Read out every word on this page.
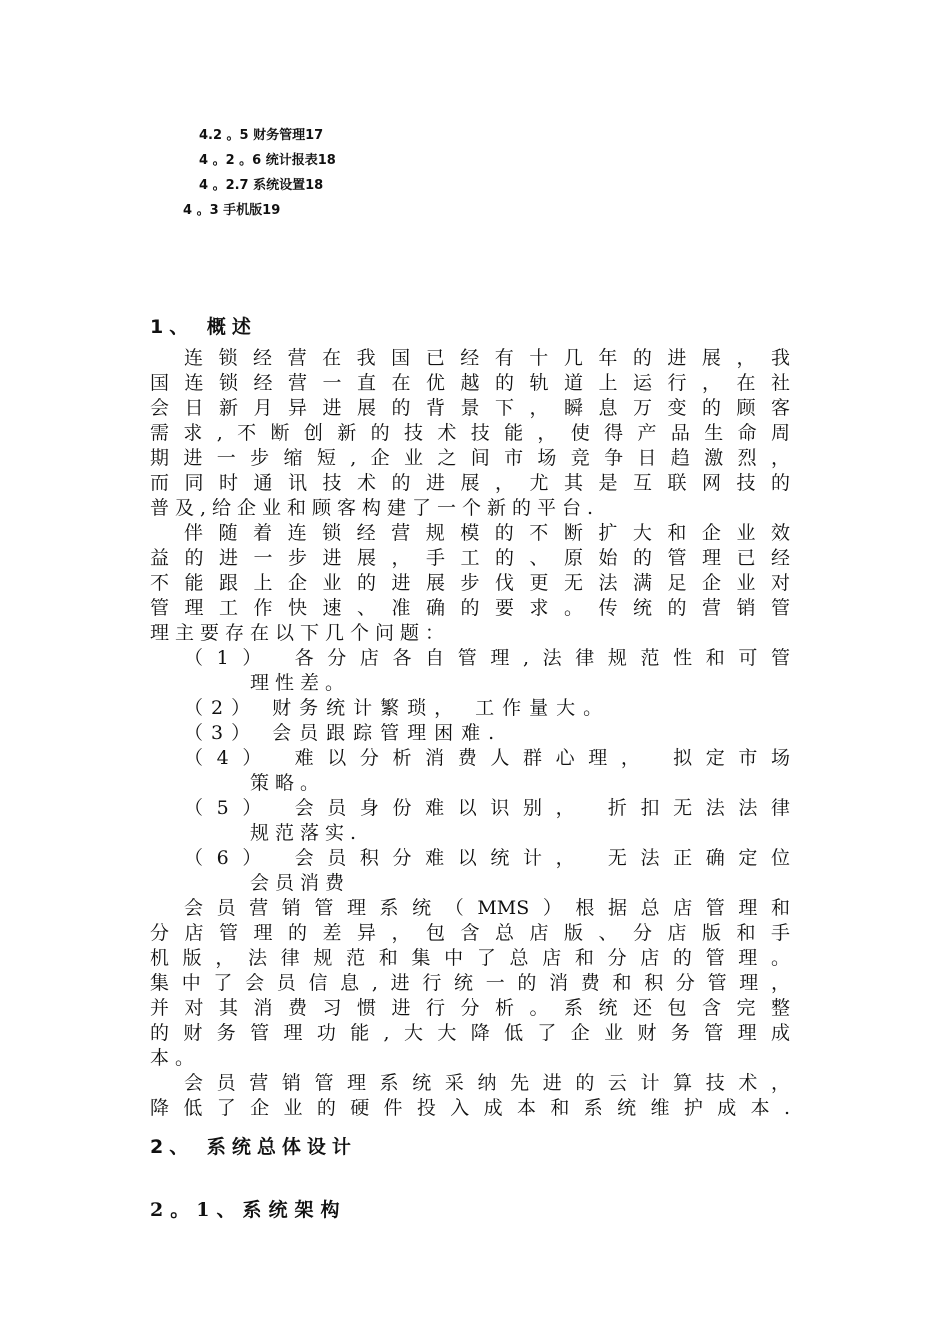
4.2 。5 财务管理17
4 。2 。6 统计报表18
4 。2.7 系统设置18
4 。3 手机版19
1、 概述
连锁经营在我国已经有十几年的进展，我
国连锁经营一直在优越的轨道上运行，在社
会日新月异进展的背景下，瞬息万变的顾客
需求,不断创新的技术技能，使得产品生命周
期进一步缩短,企业之间市场竞争日趋激烈，
而同时通讯技术的进展，尤其是互联网技的
普及,给企业和顾客构建了一个新的平台.
伴随着连锁经营规模的不断扩大和企业效
益的进一步进展，手工的、原始的管理已经
不能跟上企业的进展步伐更无法满足企业对
管理工作快速、准确的要求。传统的营销管
理主要存在以下几个问题：
（1） 各分店各自管理,法律规范性和可管
理性差。
（2） 财务统计繁琐， 工作量大。
（3） 会员跟踪管理困难.
（4） 难以分析消费人群心理， 拟定市场
策略。
（5） 会员身份难以识别， 折扣无法法律
规范落实.
（6） 会员积分难以统计， 无法正确定位
会员消费
会员营销管理系统（MMS）根据总店管理和
分店管理的差异，包含总店版、分店版和手
机版，法律规范和集中了总店和分店的管理。
集中了会员信息,进行统一的消费和积分管理，
并对其消费习惯进行分析。系统还包含完整
的财务管理功能,大大降低了企业财务管理成
本。
会员营销管理系统采纳先进的云计算技术，
降低了企业的硬件投入成本和系统维护成本.
2、 系统总体设计
2。1、系统架构
